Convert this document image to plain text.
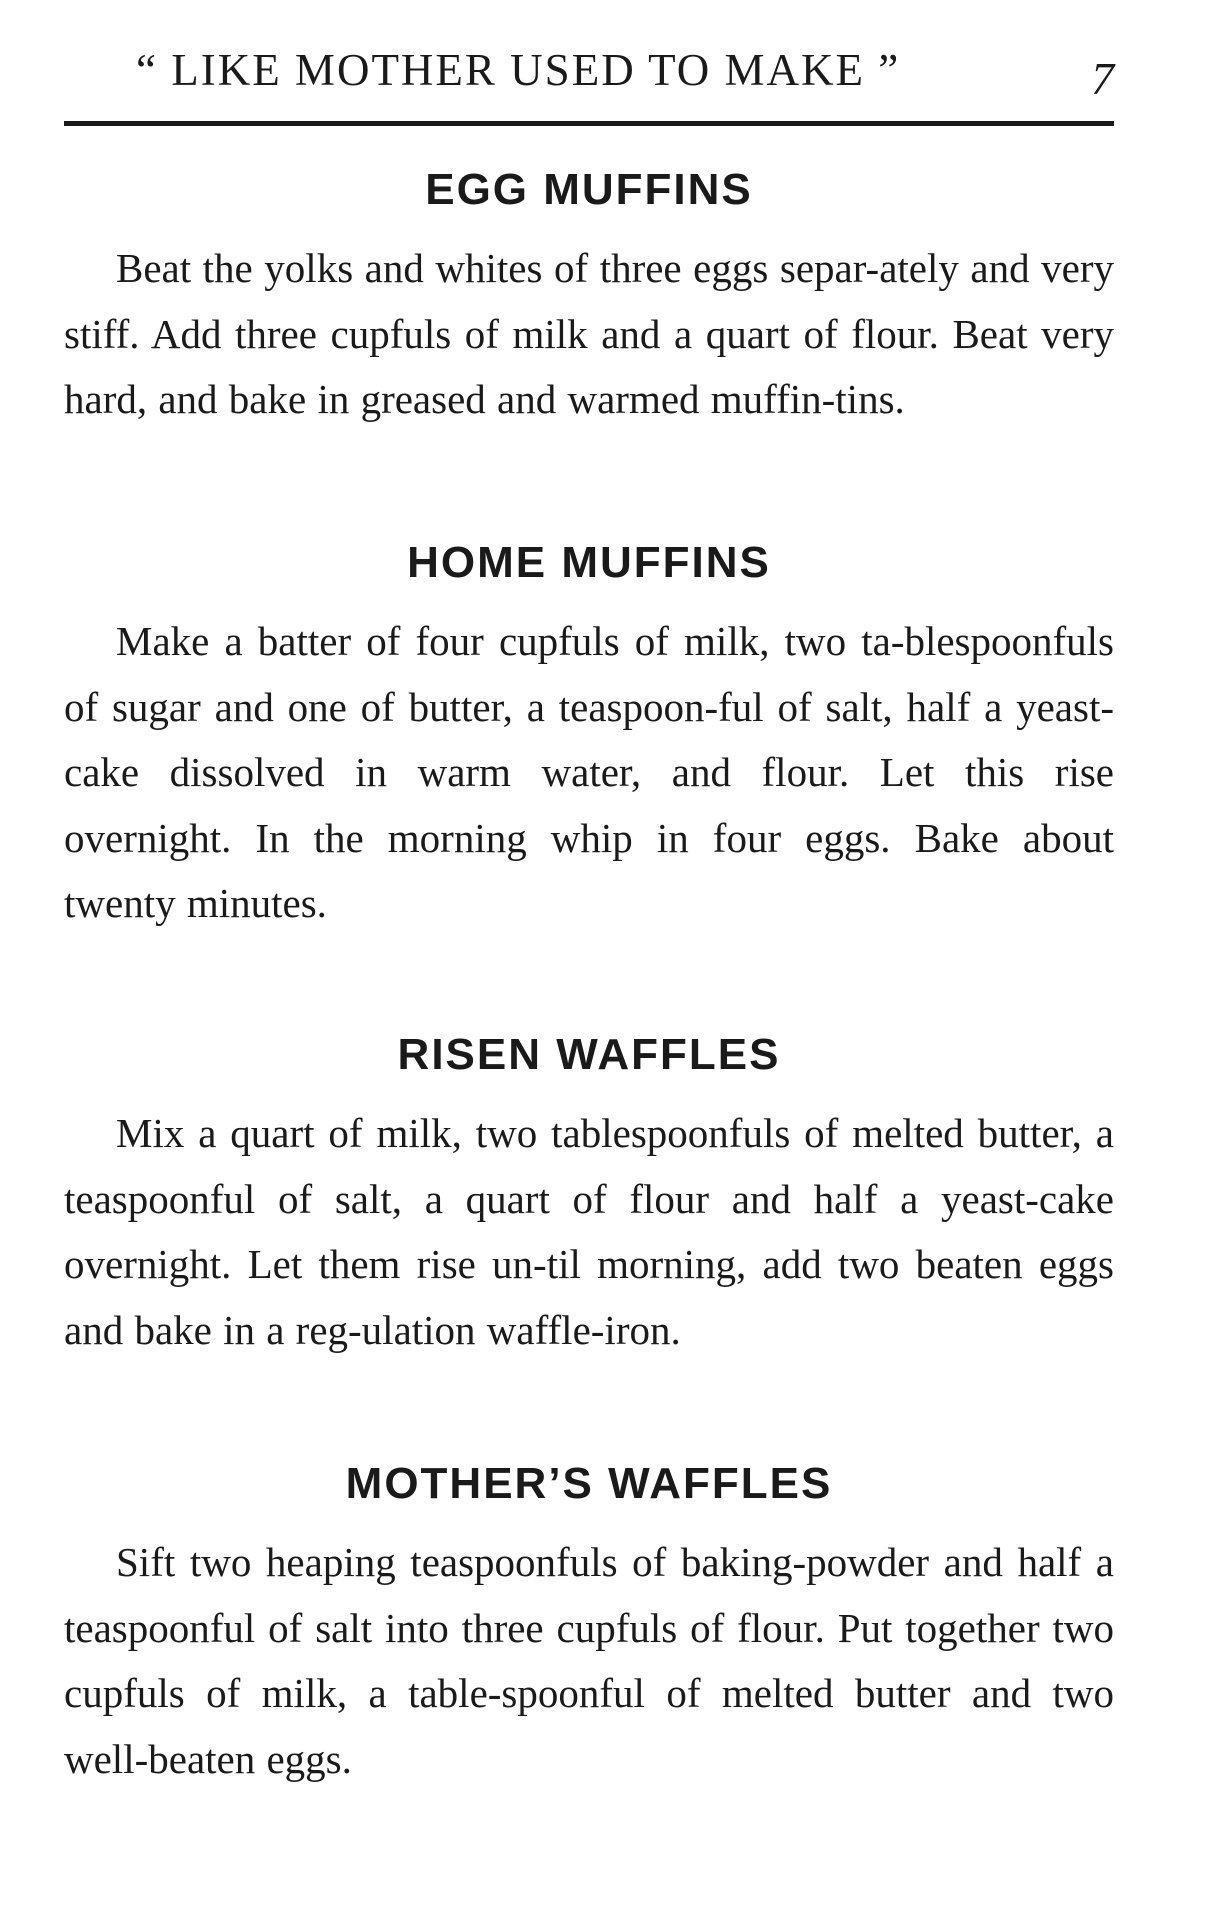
“ LIKE MOTHER USED TO MAKE ”	7
EGG MUFFINS

Beat the yolks and whites of three eggs separ-ately and very stiff. Add three cupfuls of milk and a quart of flour. Beat very hard, and bake in greased and warmed muffin-tins.

HOME MUFFINS

Make a batter of four cupfuls of milk, two ta-blespoonfuls of sugar and one of butter, a teaspoon-ful of salt, half a yeast-cake dissolved in warm water, and flour. Let this rise overnight. In the morning whip in four eggs. Bake about twenty minutes.

RISEN WAFFLES

Mix a quart of milk, two tablespoonfuls of melted butter, a teaspoonful of salt, a quart of flour and half a yeast-cake overnight. Let them rise un-til morning, add two beaten eggs and bake in a reg-ulation waffle-iron.

MOTHER’S WAFFLES

Sift two heaping teaspoonfuls of baking-powder and half a teaspoonful of salt into three cupfuls of flour. Put together two cupfuls of milk, a table-spoonful of melted butter and two well-beaten eggs.
